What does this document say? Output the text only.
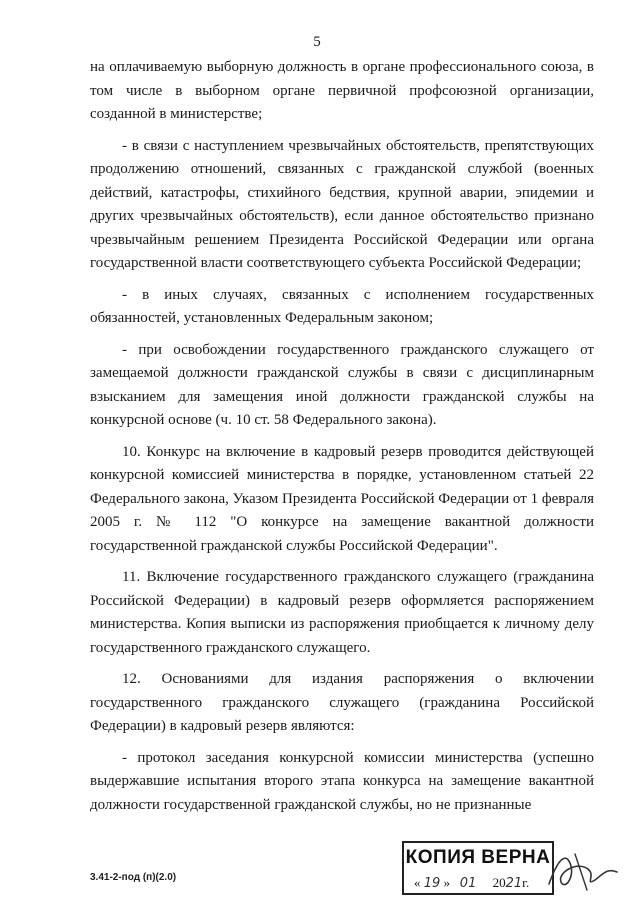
5

на оплачиваемую выборную должность в органе профессионального союза, в том числе в выборном органе первичной профсоюзной организации, созданной в министерстве;

- в связи с наступлением чрезвычайных обстоятельств, препятствующих продолжению отношений, связанных с гражданской службой (военных действий, катастрофы, стихийного бедствия, крупной аварии, эпидемии и других чрезвычайных обстоятельств), если данное обстоятельство признано чрезвычайным решением Президента Российской Федерации или органа государственной власти соответствующего субъекта Российской Федерации;

- в иных случаях, связанных с исполнением государственных обязанностей, установленных Федеральным законом;

- при освобождении государственного гражданского служащего от замещаемой должности гражданской службы в связи с дисциплинарным взысканием для замещения иной должности гражданской службы на конкурсной основе (ч. 10 ст. 58 Федерального закона).

10. Конкурс на включение в кадровый резерв проводится действующей конкурсной комиссией министерства в порядке, установленном статьей 22 Федерального закона, Указом Президента Российской Федерации от 1 февраля 2005 г. № 112 "О конкурсе на замещение вакантной должности государственной гражданской службы Российской Федерации".

11. Включение государственного гражданского служащего (гражданина Российской Федерации) в кадровый резерв оформляется распоряжением министерства. Копия выписки из распоряжения приобщается к личному делу государственного гражданского служащего.

12. Основаниями для издания распоряжения о включении государственного гражданского служащего (гражданина Российской Федерации) в кадровый резерв являются:

- протокол заседания конкурсной комиссии министерства (успешно выдержавшие испытания второго этапа конкурса на замещение вакантной должности государственной гражданской службы, но не признанные

3.41-2-под (п)(2.0)
КОПИЯ ВЕРНА
« 19 » 01 2021г.
